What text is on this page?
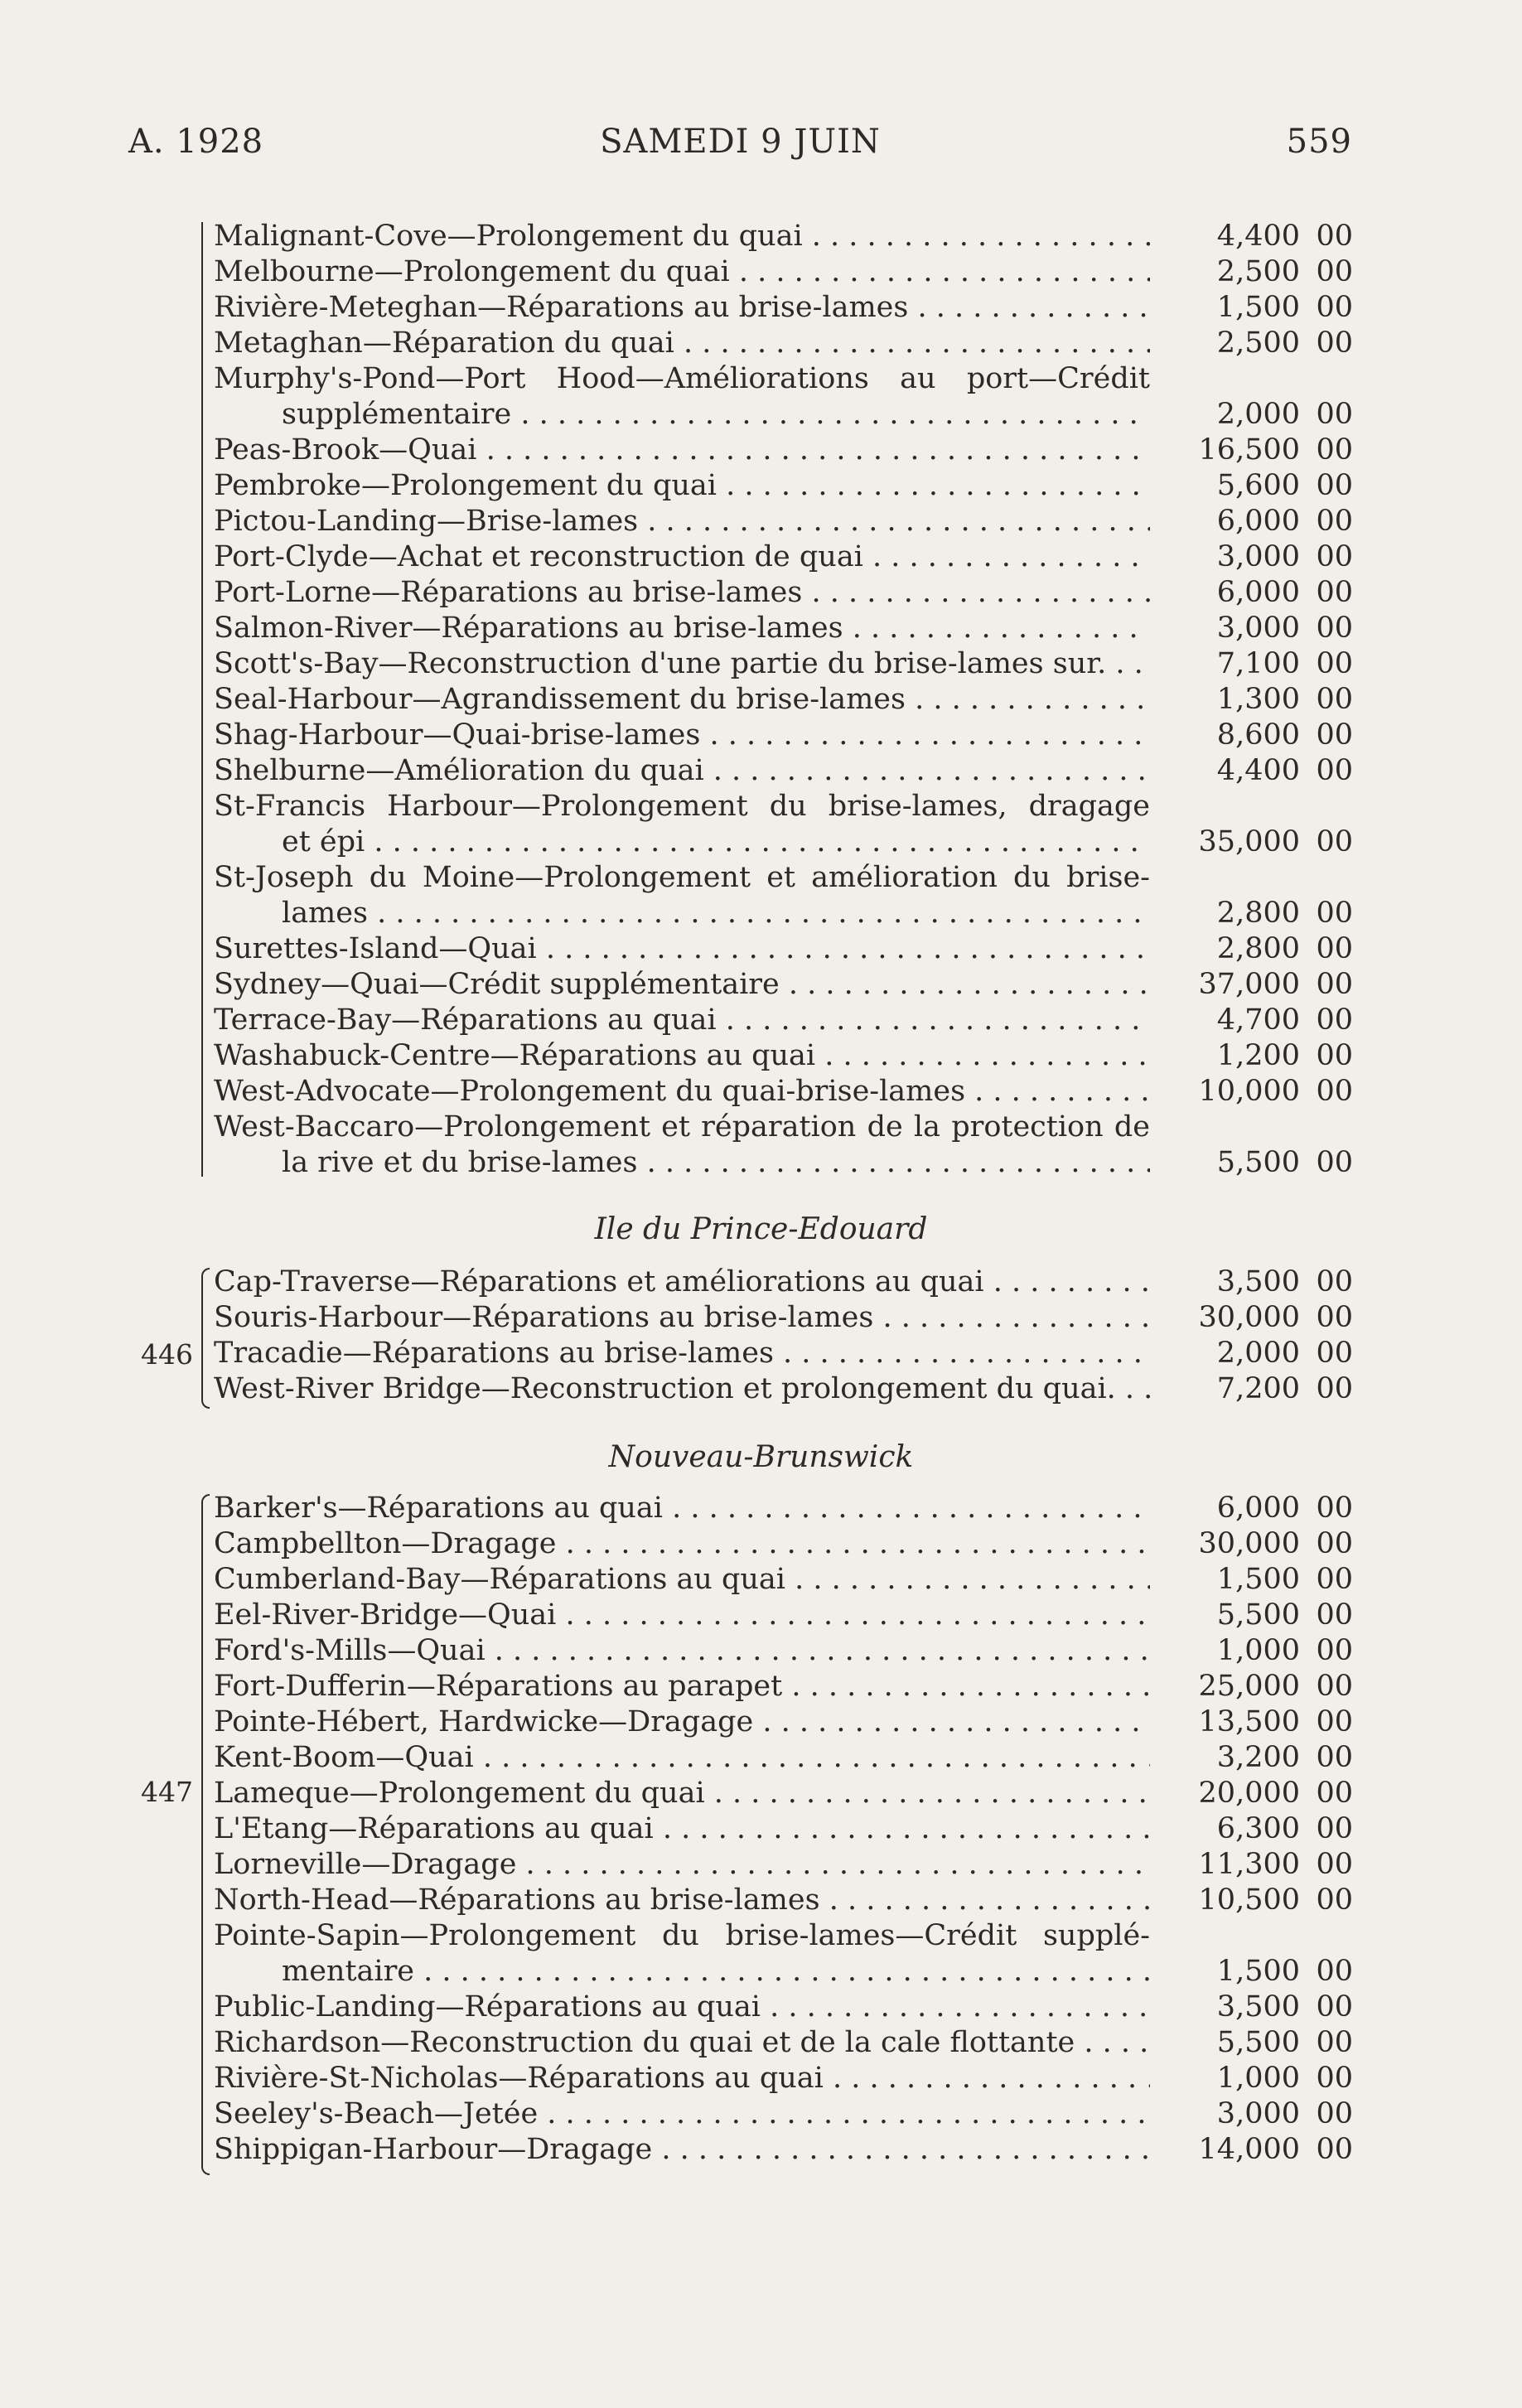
A. 1928	SAMEDI 9 JUIN	559
Malignant-Cove—Prolongement du quai . . .	4,400 00
Melbourne—Prolongement du quai . . .	2,500 00
Rivière-Meteghan—Réparations au brise-lames . . .	1,500 00
Metaghan—Réparation du quai . . .	2,500 00
Murphy's-Pond—Port Hood—Améliorations au port—Crédit
supplémentaire . . .	2,000 00
Peas-Brook—Quai . . .	16,500 00
Pembroke—Prolongement du quai . . .	5,600 00
Pictou-Landing—Brise-lames . . .	6,000 00
Port-Clyde—Achat et reconstruction de quai . . .	3,000 00
Port-Lorne—Réparations au brise-lames . . .	6,000 00
Salmon-River—Réparations au brise-lames . . .	3,000 00
Scott's-Bay—Reconstruction d'une partie du brise-lames sur. . . .	7,100 00
Seal-Harbour—Agrandissement du brise-lames . . .	1,300 00
Shag-Harbour—Quai-brise-lames . . .	8,600 00
Shelburne—Amélioration du quai . . .	4,400 00
St-Francis Harbour—Prolongement du brise-lames, dragage
et épi . . .	35,000 00
St-Joseph du Moine—Prolongement et amélioration du brise-
lames . . .	2,800 00
Surettes-Island—Quai . . .	2,800 00
Sydney—Quai—Crédit supplémentaire . . .	37,000 00
Terrace-Bay—Réparations au quai . . .	4,700 00
Washabuck-Centre—Réparations au quai . . .	1,200 00
West-Advocate—Prolongement du quai-brise-lames . . .	10,000 00
West-Baccaro—Prolongement et réparation de la protection de
la rive et du brise-lames . . .	5,500 00
Ile du Prince-Edouard
446
Cap-Traverse—Réparations et améliorations au quai . . .	3,500 00
Souris-Harbour—Réparations au brise-lames . . .	30,000 00
Tracadie—Réparations au brise-lames . . .	2,000 00
West-River Bridge—Reconstruction et prolongement du quai. . . .	7,200 00
Nouveau-Brunswick
447
Barker's—Réparations au quai . . .	6,000 00
Campbellton—Dragage . . .	30,000 00
Cumberland-Bay—Réparations au quai . . .	1,500 00
Eel-River-Bridge—Quai . . .	5,500 00
Ford's-Mills—Quai . . .	1,000 00
Fort-Dufferin—Réparations au parapet . . .	25,000 00
Pointe-Hébert, Hardwicke—Dragage . . .	13,500 00
Kent-Boom—Quai . . .	3,200 00
Lameque—Prolongement du quai . . .	20,000 00
L'Etang—Réparations au quai . . .	6,300 00
Lorneville—Dragage . . .	11,300 00
North-Head—Réparations au brise-lames . . .	10,500 00
Pointe-Sapin—Prolongement du brise-lames—Crédit supplé-
mentaire . . .	1,500 00
Public-Landing—Réparations au quai . . .	3,500 00
Richardson—Reconstruction du quai et de la cale flottante . . .	5,500 00
Rivière-St-Nicholas—Réparations au quai . . .	1,000 00
Seeley's-Beach—Jetée . . .	3,000 00
Shippigan-Harbour—Dragage . . .	14,000 00
